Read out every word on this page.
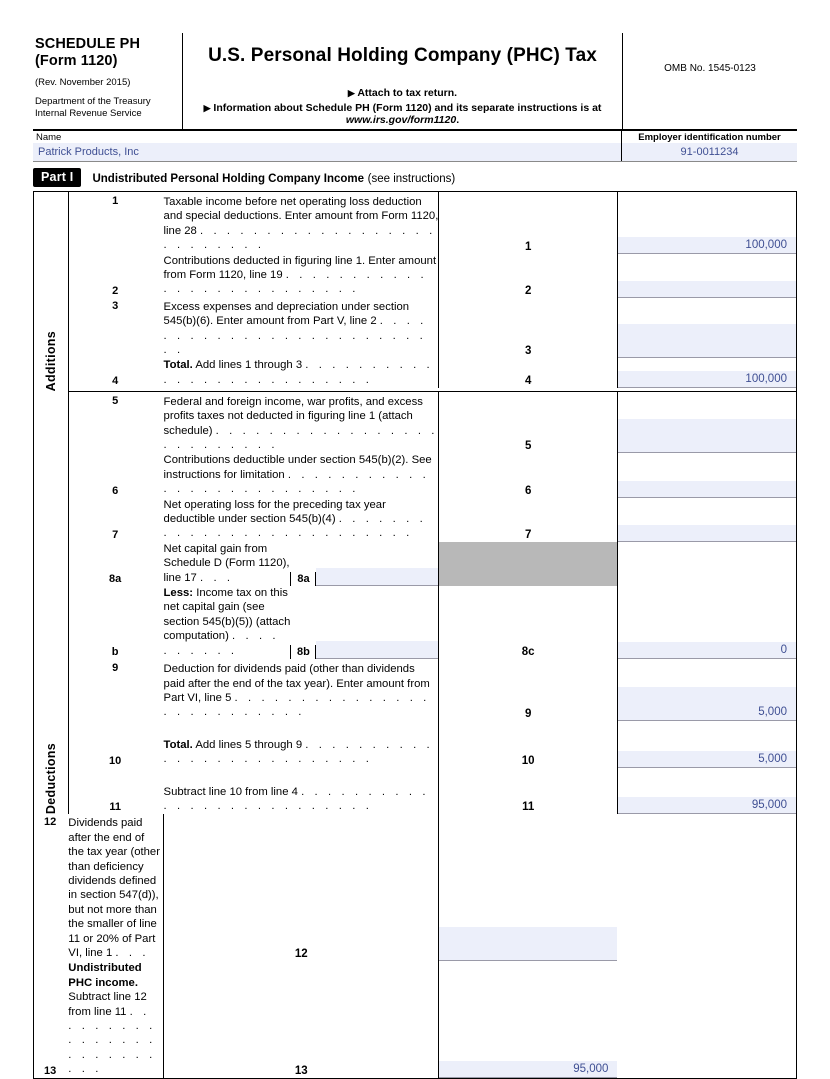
SCHEDULE PH
(Form 1120)
(Rev. November 2015)
Department of the Treasury
Internal Revenue Service
U.S. Personal Holding Company (PHC) Tax
▶ Attach to tax return.
▶ Information about Schedule PH (Form 1120) and its separate instructions is at www.irs.gov/form1120.
OMB No. 1545-0123
Name
Patrick Products, Inc
Employer identification number
91-0011234
Part I	Undistributed Personal Holding Company Income (see instructions)
Additions	1	Taxable income before net operating loss deduction and special deductions. Enter amount from Form 1120, line 28 . . . . . . . . . . . . . . . . . . . . . . . . . .	1	100,000

	2	Contributions deducted in figuring line 1. Enter amount from Form 1120, line 19 . . . . . . . . . . . . . . . . . . . . . . . . . .	2	

	3	Excess expenses and depreciation under section 545(b)(6). Enter amount from Part V, line 2 . . . . . . . . . . . . . . . . . . . . . . . . . .	3	

	4	Total. Add lines 1 through 3 . . . . . . . . . . . . . . . . . . . . . . . . . .	4	100,000

Deductions	5	Federal and foreign income, war profits, and excess profits taxes not deducted in figuring line 1 (attach schedule) . . . . . . . . . . . . . . . . . . . . . . . . . .	5	

	6	Contributions deductible under section 545(b)(2). See instructions for limitation . . . . . . . . . . . . . . . . . . . . . . . . . .	6	

	7	Net operating loss for the preceding tax year deductible under section 545(b)(4) . . . . . . . . . . . . . . . . . . . . . . . . . .	7	

	8a	Net capital gain from Schedule D (Form 1120), line 17 . . . 8a		

	b	Less: Income tax on this net capital gain (see section 545(b)(5)) (attach computation) . . . . . . . . . . 8b	8c	0

	9	Deduction for dividends paid (other than dividends paid after the end of the tax year). Enter amount from Part VI, line 5 . . . . . . . . . . . . . . . . . . . . . . . . . .	9	5,000

	10	Total. Add lines 5 through 9 . . . . . . . . . . . . . . . . . . . . . . . . . .	10	5,000

	11	Subtract line 10 from line 4 . . . . . . . . . . . . . . . . . . . . . . . . . .	11	95,000

12	Dividends paid after the end of the tax year (other than deficiency dividends defined in section 547(d)), but not more than the smaller of line 11 or 20% of Part VI, line 1 . . .	12		

13	Undistributed PHC income. Subtract line 12 from line 11 . . . . . . . . . . . . . . . . . . . . . . . . . .	13	95,000	
